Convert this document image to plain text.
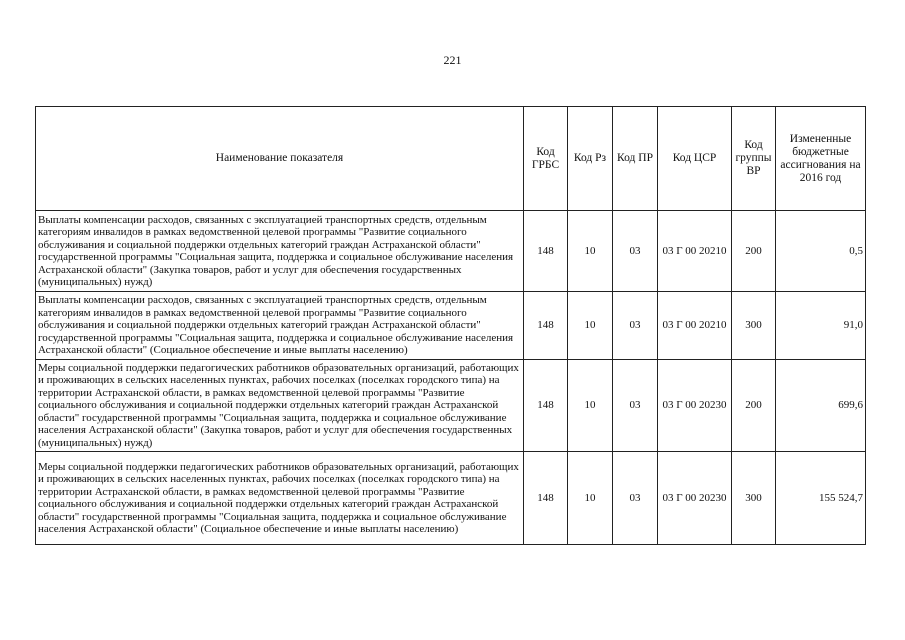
221
Наименование показателя	Код ГРБС	Код Рз	Код ПР	Код ЦСР	Код группы ВР	Измененные бюджетные ассигнования на 2016 год
Выплаты компенсации расходов, связанных с эксплуатацией транспортных средств, отдельным категориям инвалидов в рамках ведомственной целевой программы "Развитие социального обслуживания и социальной поддержки отдельных категорий граждан Астраханской области" государственной программы "Социальная защита, поддержка и социальное обслуживание населения Астраханской области" (Закупка товаров, работ и услуг для обеспечения государственных (муниципальных) нужд)	148	10	03	03 Г 00 20210	200	0,5
Выплаты компенсации расходов, связанных с эксплуатацией транспортных средств, отдельным категориям инвалидов в рамках ведомственной целевой программы "Развитие социального обслуживания и социальной поддержки отдельных категорий граждан Астраханской области" государственной программы "Социальная защита, поддержка и социальное обслуживание населения Астраханской области" (Социальное обеспечение и иные выплаты населению)	148	10	03	03 Г 00 20210	300	91,0
Меры социальной поддержки педагогических работников образовательных организаций, работающих и проживающих в сельских населенных пунктах, рабочих поселках (поселках городского типа) на территории Астраханской области, в рамках ведомственной целевой программы "Развитие социального обслуживания и социальной поддержки отдельных категорий граждан Астраханской области" государственной программы "Социальная защита, поддержка и социальное обслуживание населения Астраханской области" (Закупка товаров, работ и услуг для обеспечения государственных (муниципальных) нужд)	148	10	03	03 Г 00 20230	200	699,6
Меры социальной поддержки педагогических работников образовательных организаций, работающих и проживающих в сельских населенных пунктах, рабочих поселках (поселках городского типа) на территории Астраханской области, в рамках ведомственной целевой программы "Развитие социального обслуживания и социальной поддержки отдельных категорий граждан Астраханской области" государственной программы "Социальная защита, поддержка и социальное обслуживание населения Астраханской области" (Социальное обеспечение и иные выплаты населению)	148	10	03	03 Г 00 20230	300	155 524,7
